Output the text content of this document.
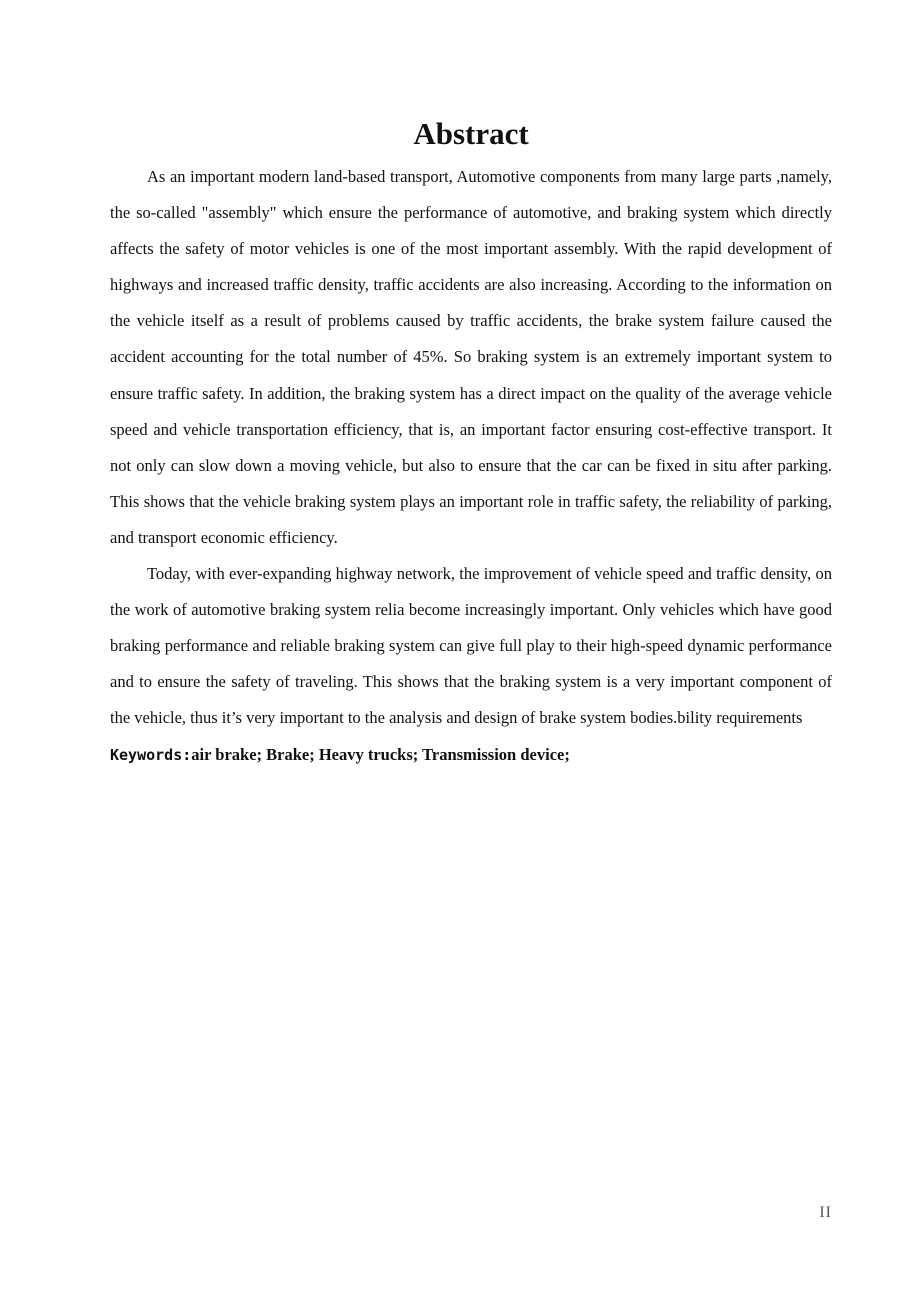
Abstract

As an important modern land-based transport, Automotive components from many large parts ,namely, the so-called "assembly" which ensure the performance of automotive, and braking system which directly affects the safety of motor vehicles is one of the most important assembly. With the rapid development of highways and increased traffic density, traffic accidents are also increasing. According to the information on the vehicle itself as a result of problems caused by traffic accidents, the brake system failure caused the accident accounting for the total number of 45%. So braking system is an extremely important system to ensure traffic safety. In addition, the braking system has a direct impact on the quality of the average vehicle speed and vehicle transportation efficiency, that is, an important factor ensuring cost-effective transport. It not only can slow down a moving vehicle, but also to ensure that the car can be fixed in situ after parking. This shows that the vehicle braking system plays an important role in traffic safety, the reliability of parking, and transport economic efficiency.

Today, with ever-expanding highway network, the improvement of vehicle speed and traffic density, on the work of automotive braking system relia become increasingly important. Only vehicles which have good braking performance and reliable braking system can give full play to their high-speed dynamic performance and to ensure the safety of traveling. This shows that the braking system is a very important component of the vehicle, thus it’s very important to the analysis and design of brake system bodies.bility requirements

Keywords:air brake; Brake; Heavy trucks; Transmission device;

II
